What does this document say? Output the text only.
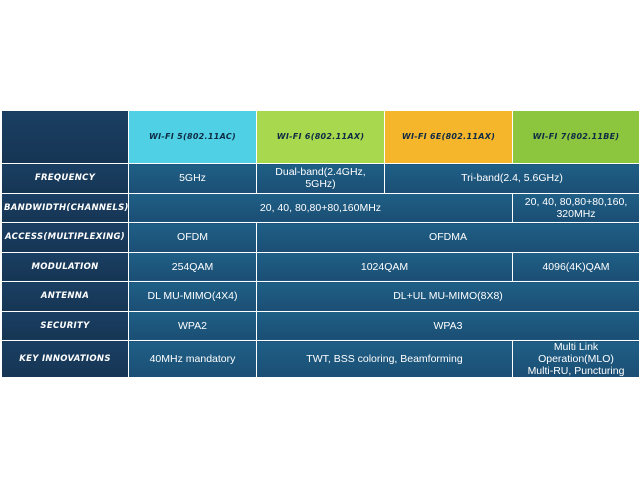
	WI-FI 5(802.11AC)	WI-FI 6(802.11AX)	WI-FI 6E(802.11AX)	WI-FI 7(802.11BE)
FREQUENCY	5GHz	Dual-band(2.4GHz, 5GHz)	Tri-band(2.4, 5.6GHz)	
BANDWIDTH(CHANNELS)	20, 40, 80,80+80,160MHz			20, 40, 80,80+80,160, 320MHz
ACCESS(MULTIPLEXING)	OFDM	OFDMA		
MODULATION	254QAM	1024QAM		4096(4K)QAM
ANTENNA	DL MU-MIMO(4X4)	DL+UL MU-MIMO(8X8)		
SECURITY	WPA2	WPA3		
KEY INNOVATIONS	40MHz mandatory	TWT, BSS coloring, Beamforming		Multi Link Operation(MLO)
Multi-RU, Puncturing
